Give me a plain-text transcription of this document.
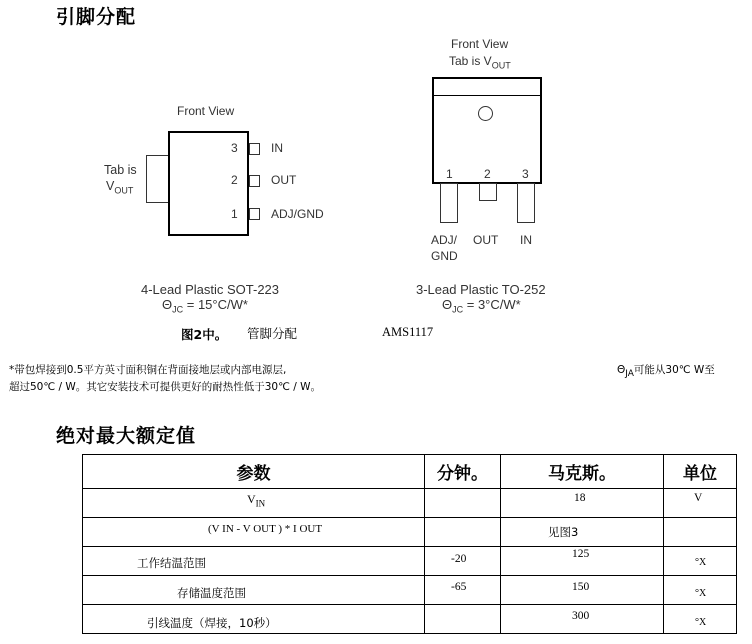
引脚分配
Front View
Tab is
$V_{OUT}$
3	IN
2	OUT
1	ADJ/GND
4-Lead Plastic SOT-223
$\Theta_{JC} = 15^\circ C/W*$
Front View
Tab is $V_{OUT}$
1	2	3
ADJ/
GND
OUT IN
3-Lead Plastic TO-252
$\Theta_{JC} = 3^\circ C/W*$
图2中。 管脚分配	AMS1117
*带包焊接到0.5平方英寸面积铜在背面接地层或内部电源层,	$\Theta_{JA}$可能从30℃ W至
超过50℃ / W。其它安装技术可提供更好的耐热性低于30℃ / W。
绝对最大额定值
参数	分钟。	马克斯。	单位

$V_{IN}$		18	V

(V IN - V OUT ) * I OUT		见图3	

工作结温范围	-20	125	°X

存储温度范围	-65	150	°X

引线温度（焊接，10秒）		300	°X
